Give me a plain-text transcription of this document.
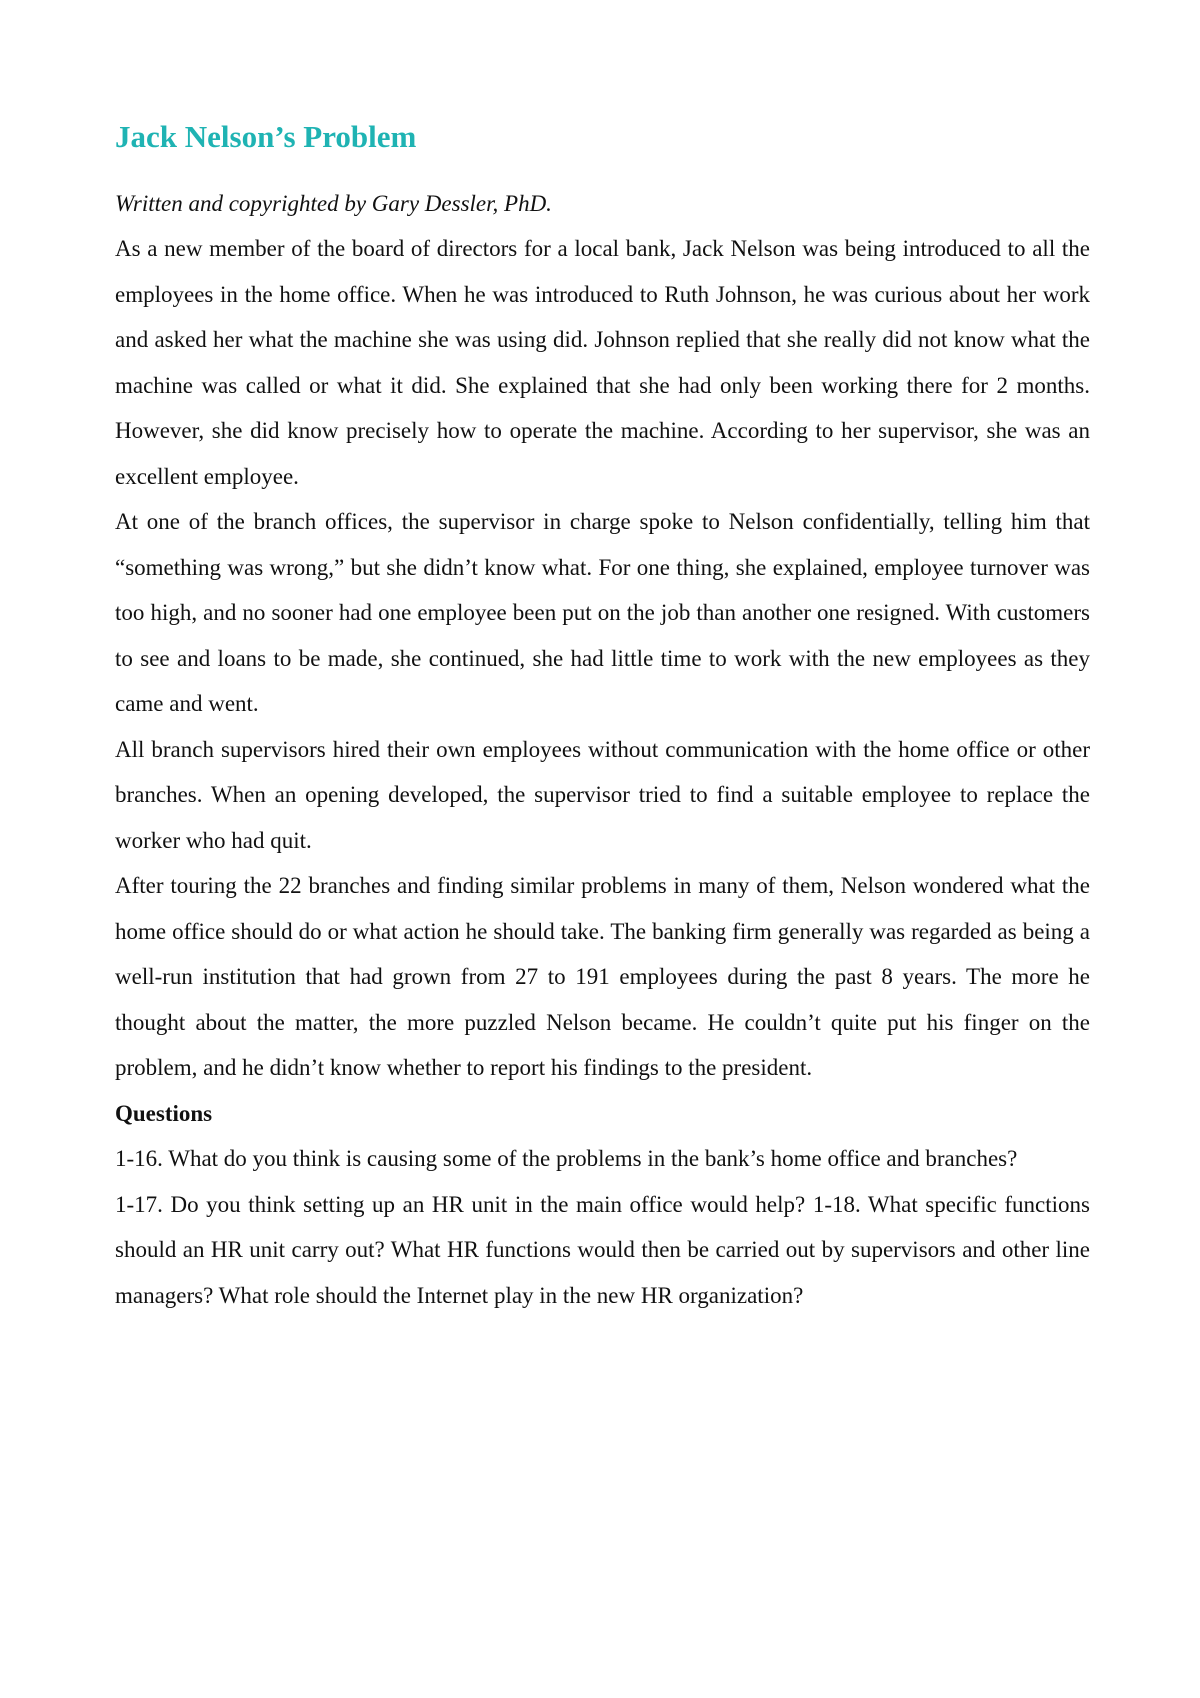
Jack Nelson’s Problem

Written and copyrighted by Gary Dessler, PhD.

As a new member of the board of directors for a local bank, Jack Nelson was being introduced to all the employees in the home office. When he was introduced to Ruth Johnson, he was curious about her work and asked her what the machine she was using did. Johnson replied that she really did not know what the machine was called or what it did. She explained that she had only been working there for 2 months. However, she did know precisely how to operate the machine. According to her supervisor, she was an excellent employee.

At one of the branch offices, the supervisor in charge spoke to Nelson confidentially, telling him that “something was wrong,” but she didn’t know what. For one thing, she explained, employee turnover was too high, and no sooner had one employee been put on the job than another one resigned. With customers to see and loans to be made, she continued, she had little time to work with the new employees as they came and went.

All branch supervisors hired their own employees without communication with the home office or other branches. When an opening developed, the supervisor tried to find a suitable employee to replace the worker who had quit.

After touring the 22 branches and finding similar problems in many of them, Nelson wondered what the home office should do or what action he should take. The banking firm generally was regarded as being a well-run institution that had grown from 27 to 191 employees during the past 8 years. The more he thought about the matter, the more puzzled Nelson became. He couldn’t quite put his finger on the problem, and he didn’t know whether to report his findings to the president.

Questions

1-16. What do you think is causing some of the problems in the bank’s home office and branches?

1-17. Do you think setting up an HR unit in the main office would help? 1-18. What specific functions should an HR unit carry out? What HR functions would then be carried out by supervisors and other line managers? What role should the Internet play in the new HR organization?
